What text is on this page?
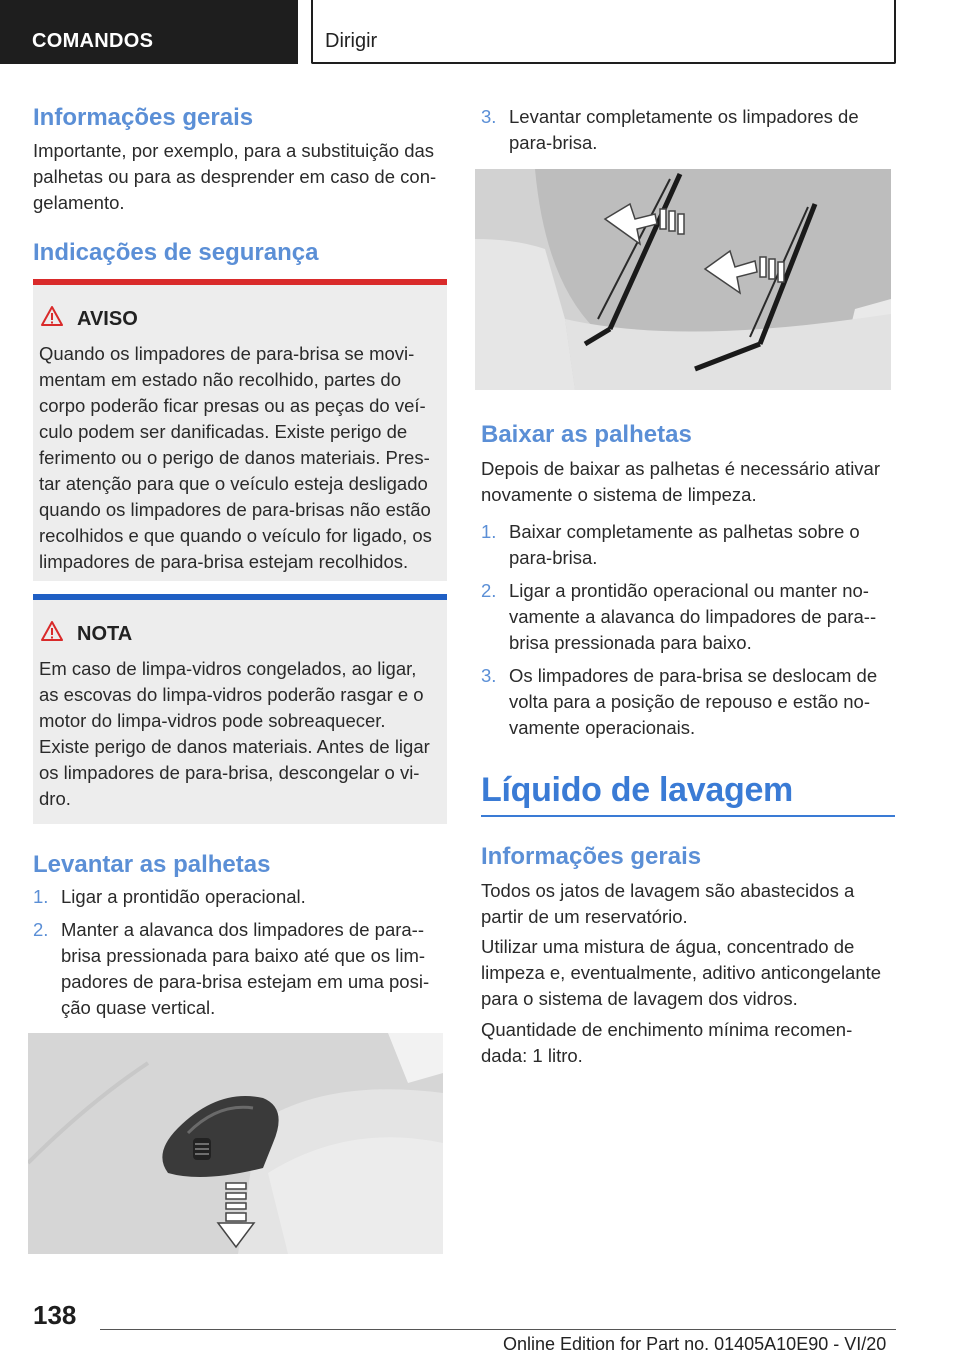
COMANDOS	Dirigir
Informações gerais

Importante, por exemplo, para a substituição das palhetas ou para as desprender em caso de con-gelamento.

Indicações de segurança
AVISO
Quando os limpadores de para-brisa se movi-mentam em estado não recolhido, partes do corpo poderão ficar presas ou as peças do veí-culo podem ser danificadas. Existe perigo de ferimento ou o perigo de danos materiais. Pres-tar atenção para que o veículo esteja desligado quando os limpadores de para-brisas não estão recolhidos e que quando o veículo for ligado, os limpadores de para-brisa estejam recolhidos.
NOTA
Em caso de limpa-vidros congelados, ao ligar, as escovas do limpa-vidros poderão rasgar e o motor do limpa-vidros pode sobreaquecer. Existe perigo de danos materiais. Antes de ligar os limpadores de para-brisa, descongelar o vi-dro.
Levantar as palhetas
1. Ligar a prontidão operacional.
2. Manter a alavanca dos limpadores de para--brisa pressionada para baixo até que os lim-padores de para-brisa estejam em uma posi-ção quase vertical.
3. Levantar completamente os limpadores de para-brisa.
Baixar as palhetas

Depois de baixar as palhetas é necessário ativar novamente o sistema de limpeza.

1. Baixar completamente as palhetas sobre o para-brisa.
2. Ligar a prontidão operacional ou manter no-vamente a alavanca do limpadores de para--brisa pressionada para baixo.
3. Os limpadores de para-brisa se deslocam de volta para a posição de repouso e estão no-vamente operacionais.
Líquido de lavagem
Informações gerais

Todos os jatos de lavagem são abastecidos a partir de um reservatório.

Utilizar uma mistura de água, concentrado de limpeza e, eventualmente, aditivo anticongelante para o sistema de lavagem dos vidros.

Quantidade de enchimento mínima recomen-dada: 1 litro.

138
Online Edition for Part no. 01405A10E90 - VI/20
